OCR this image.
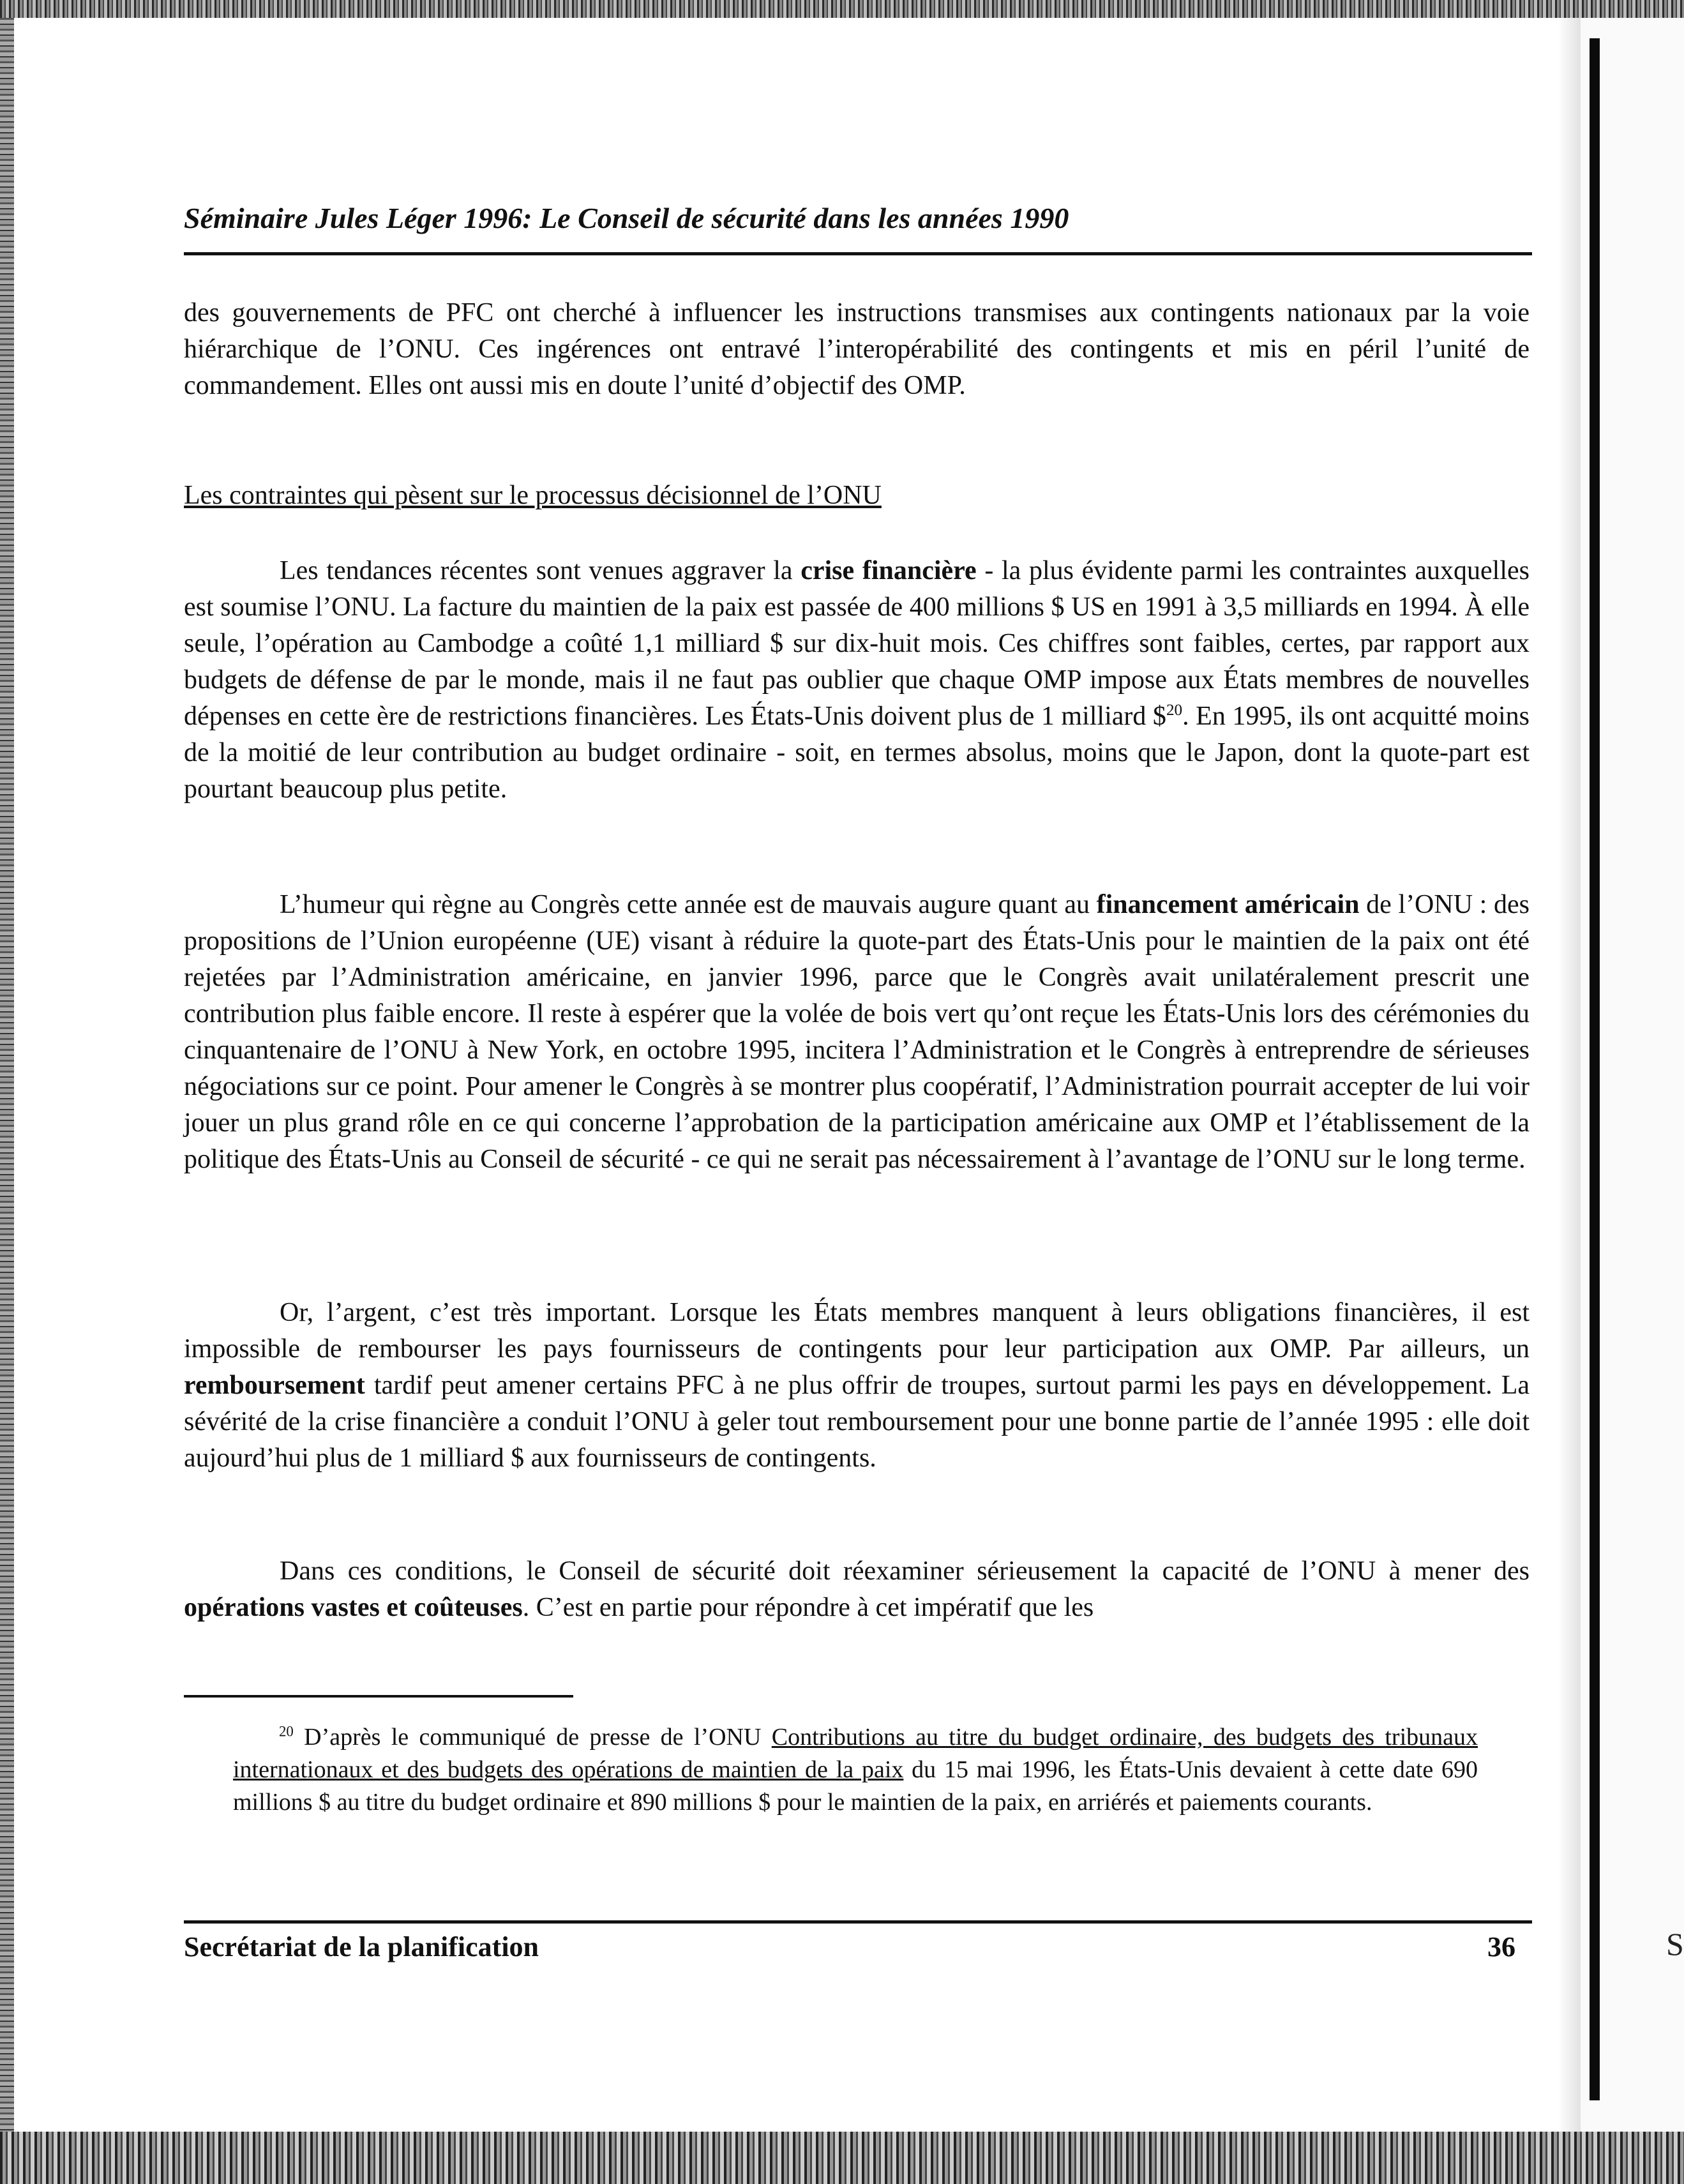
S
Séminaire Jules Léger 1996: Le Conseil de sécurité dans les années 1990
des gouvernements de PFC ont cherché à influencer les instructions transmises aux contingents nationaux par la voie hiérarchique de l’ONU. Ces ingérences ont entravé l’interopérabilité des contingents et mis en péril l’unité de commandement. Elles ont aussi mis en doute l’unité d’objectif des OMP.
Les contraintes qui pèsent sur le processus décisionnel de l’ONU
Les tendances récentes sont venues aggraver la crise financière - la plus évidente parmi les contraintes auxquelles est soumise l’ONU. La facture du maintien de la paix est passée de 400 millions $ US en 1991 à 3,5 milliards en 1994. À elle seule, l’opération au Cambodge a coûté 1,1 milliard $ sur dix-huit mois. Ces chiffres sont faibles, certes, par rapport aux budgets de défense de par le monde, mais il ne faut pas oublier que chaque OMP impose aux États membres de nouvelles dépenses en cette ère de restrictions financières. Les États-Unis doivent plus de 1 milliard \$$^{20}$. En 1995, ils ont acquitté moins de la moitié de leur contribution au budget ordinaire - soit, en termes absolus, moins que le Japon, dont la quote-part est pourtant beaucoup plus petite.
L’humeur qui règne au Congrès cette année est de mauvais augure quant au financement américain de l’ONU : des propositions de l’Union européenne (UE) visant à réduire la quote-part des États-Unis pour le maintien de la paix ont été rejetées par l’Administration américaine, en janvier 1996, parce que le Congrès avait unilatéralement prescrit une contribution plus faible encore. Il reste à espérer que la volée de bois vert qu’ont reçue les États-Unis lors des cérémonies du cinquantenaire de l’ONU à New York, en octobre 1995, incitera l’Administration et le Congrès à entreprendre de sérieuses négociations sur ce point. Pour amener le Congrès à se montrer plus coopératif, l’Administration pourrait accepter de lui voir jouer un plus grand rôle en ce qui concerne l’approbation de la participation américaine aux OMP et l’établissement de la politique des États-Unis au Conseil de sécurité - ce qui ne serait pas nécessairement à l’avantage de l’ONU sur le long terme.
Or, l’argent, c’est très important. Lorsque les États membres manquent à leurs obligations financières, il est impossible de rembourser les pays fournisseurs de contingents pour leur participation aux OMP. Par ailleurs, un remboursement tardif peut amener certains PFC à ne plus offrir de troupes, surtout parmi les pays en développement. La sévérité de la crise financière a conduit l’ONU à geler tout remboursement pour une bonne partie de l’année 1995 : elle doit aujourd’hui plus de 1 milliard $ aux fournisseurs de contingents.
Dans ces conditions, le Conseil de sécurité doit réexaminer sérieusement la capacité de l’ONU à mener des opérations vastes et coûteuses. C’est en partie pour répondre à cet impératif que les
$^{20}$ D’après le communiqué de presse de l’ONU Contributions au titre du budget ordinaire, des budgets des tribunaux internationaux et des budgets des opérations de maintien de la paix du 15 mai 1996, les États-Unis devaient à cette date 690 millions $ au titre du budget ordinaire et 890 millions $ pour le maintien de la paix, en arriérés et paiements courants.
Secrétariat de la planification	36
